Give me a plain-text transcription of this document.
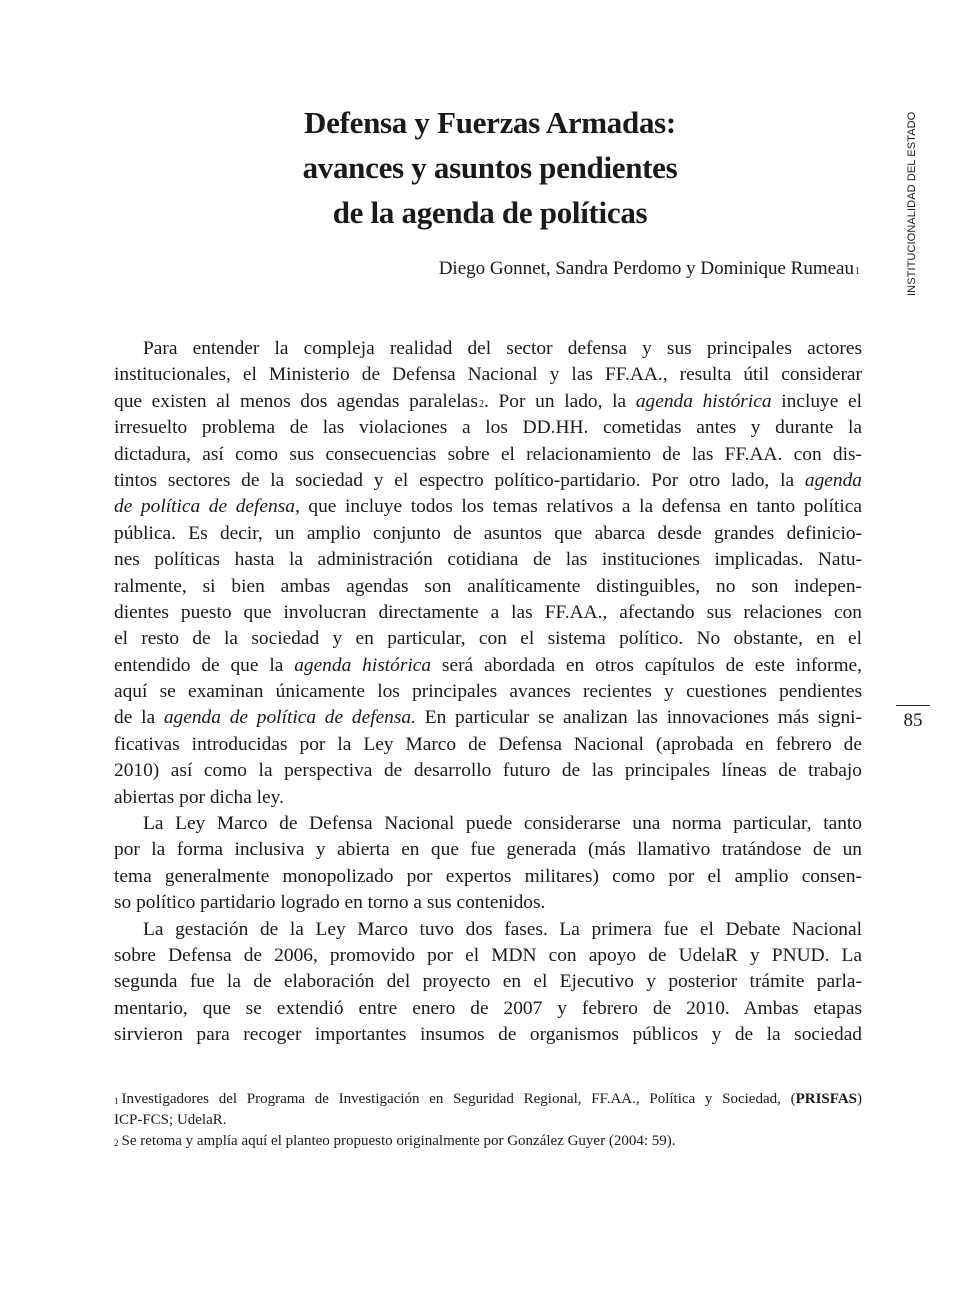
INSTITUCIONALIDAD DEL ESTADO
85
Defensa y Fuerzas Armadas:
avances y asuntos pendientes
de la agenda de políticas
Diego Gonnet, Sandra Perdomo y Dominique Rumeau$^1$
Para entender la compleja realidad del sector defensa y sus principales actores
institucionales, el Ministerio de Defensa Nacional y las FF.AA., resulta útil considerar
que existen al menos dos agendas paralelas$^2$. Por un lado, la agenda histórica incluye el
irresuelto problema de las violaciones a los DD.HH. cometidas antes y durante la
dictadura, así como sus consecuencias sobre el relacionamiento de las FF.AA. con dis-
tintos sectores de la sociedad y el espectro político-partidario. Por otro lado, la agenda
de política de defensa, que incluye todos los temas relativos a la defensa en tanto política
pública. Es decir, un amplio conjunto de asuntos que abarca desde grandes definicio-
nes políticas hasta la administración cotidiana de las instituciones implicadas. Natu-
ralmente, si bien ambas agendas son analíticamente distinguibles, no son indepen-
dientes puesto que involucran directamente a las FF.AA., afectando sus relaciones con
el resto de la sociedad y en particular, con el sistema político. No obstante, en el
entendido de que la agenda histórica será abordada en otros capítulos de este informe,
aquí se examinan únicamente los principales avances recientes y cuestiones pendientes
de la agenda de política de defensa. En particular se analizan las innovaciones más signi-
ficativas introducidas por la Ley Marco de Defensa Nacional (aprobada en febrero de
2010) así como la perspectiva de desarrollo futuro de las principales líneas de trabajo
abiertas por dicha ley.
La Ley Marco de Defensa Nacional puede considerarse una norma particular, tanto
por la forma inclusiva y abierta en que fue generada (más llamativo tratándose de un
tema generalmente monopolizado por expertos militares) como por el amplio consen-
so político partidario logrado en torno a sus contenidos.
La gestación de la Ley Marco tuvo dos fases. La primera fue el Debate Nacional
sobre Defensa de 2006, promovido por el MDN con apoyo de UdelaR y PNUD. La
segunda fue la de elaboración del proyecto en el Ejecutivo y posterior trámite parla-
mentario, que se extendió entre enero de 2007 y febrero de 2010. Ambas etapas
sirvieron para recoger importantes insumos de organismos públicos y de la sociedad
$^1$ Investigadores del Programa de Investigación en Seguridad Regional, FF.AA., Política y Sociedad, (PRISFAS)
ICP-FCS; UdelaR.
$^2$ Se retoma y amplía aquí el planteo propuesto originalmente por González Guyer (2004: 59).
